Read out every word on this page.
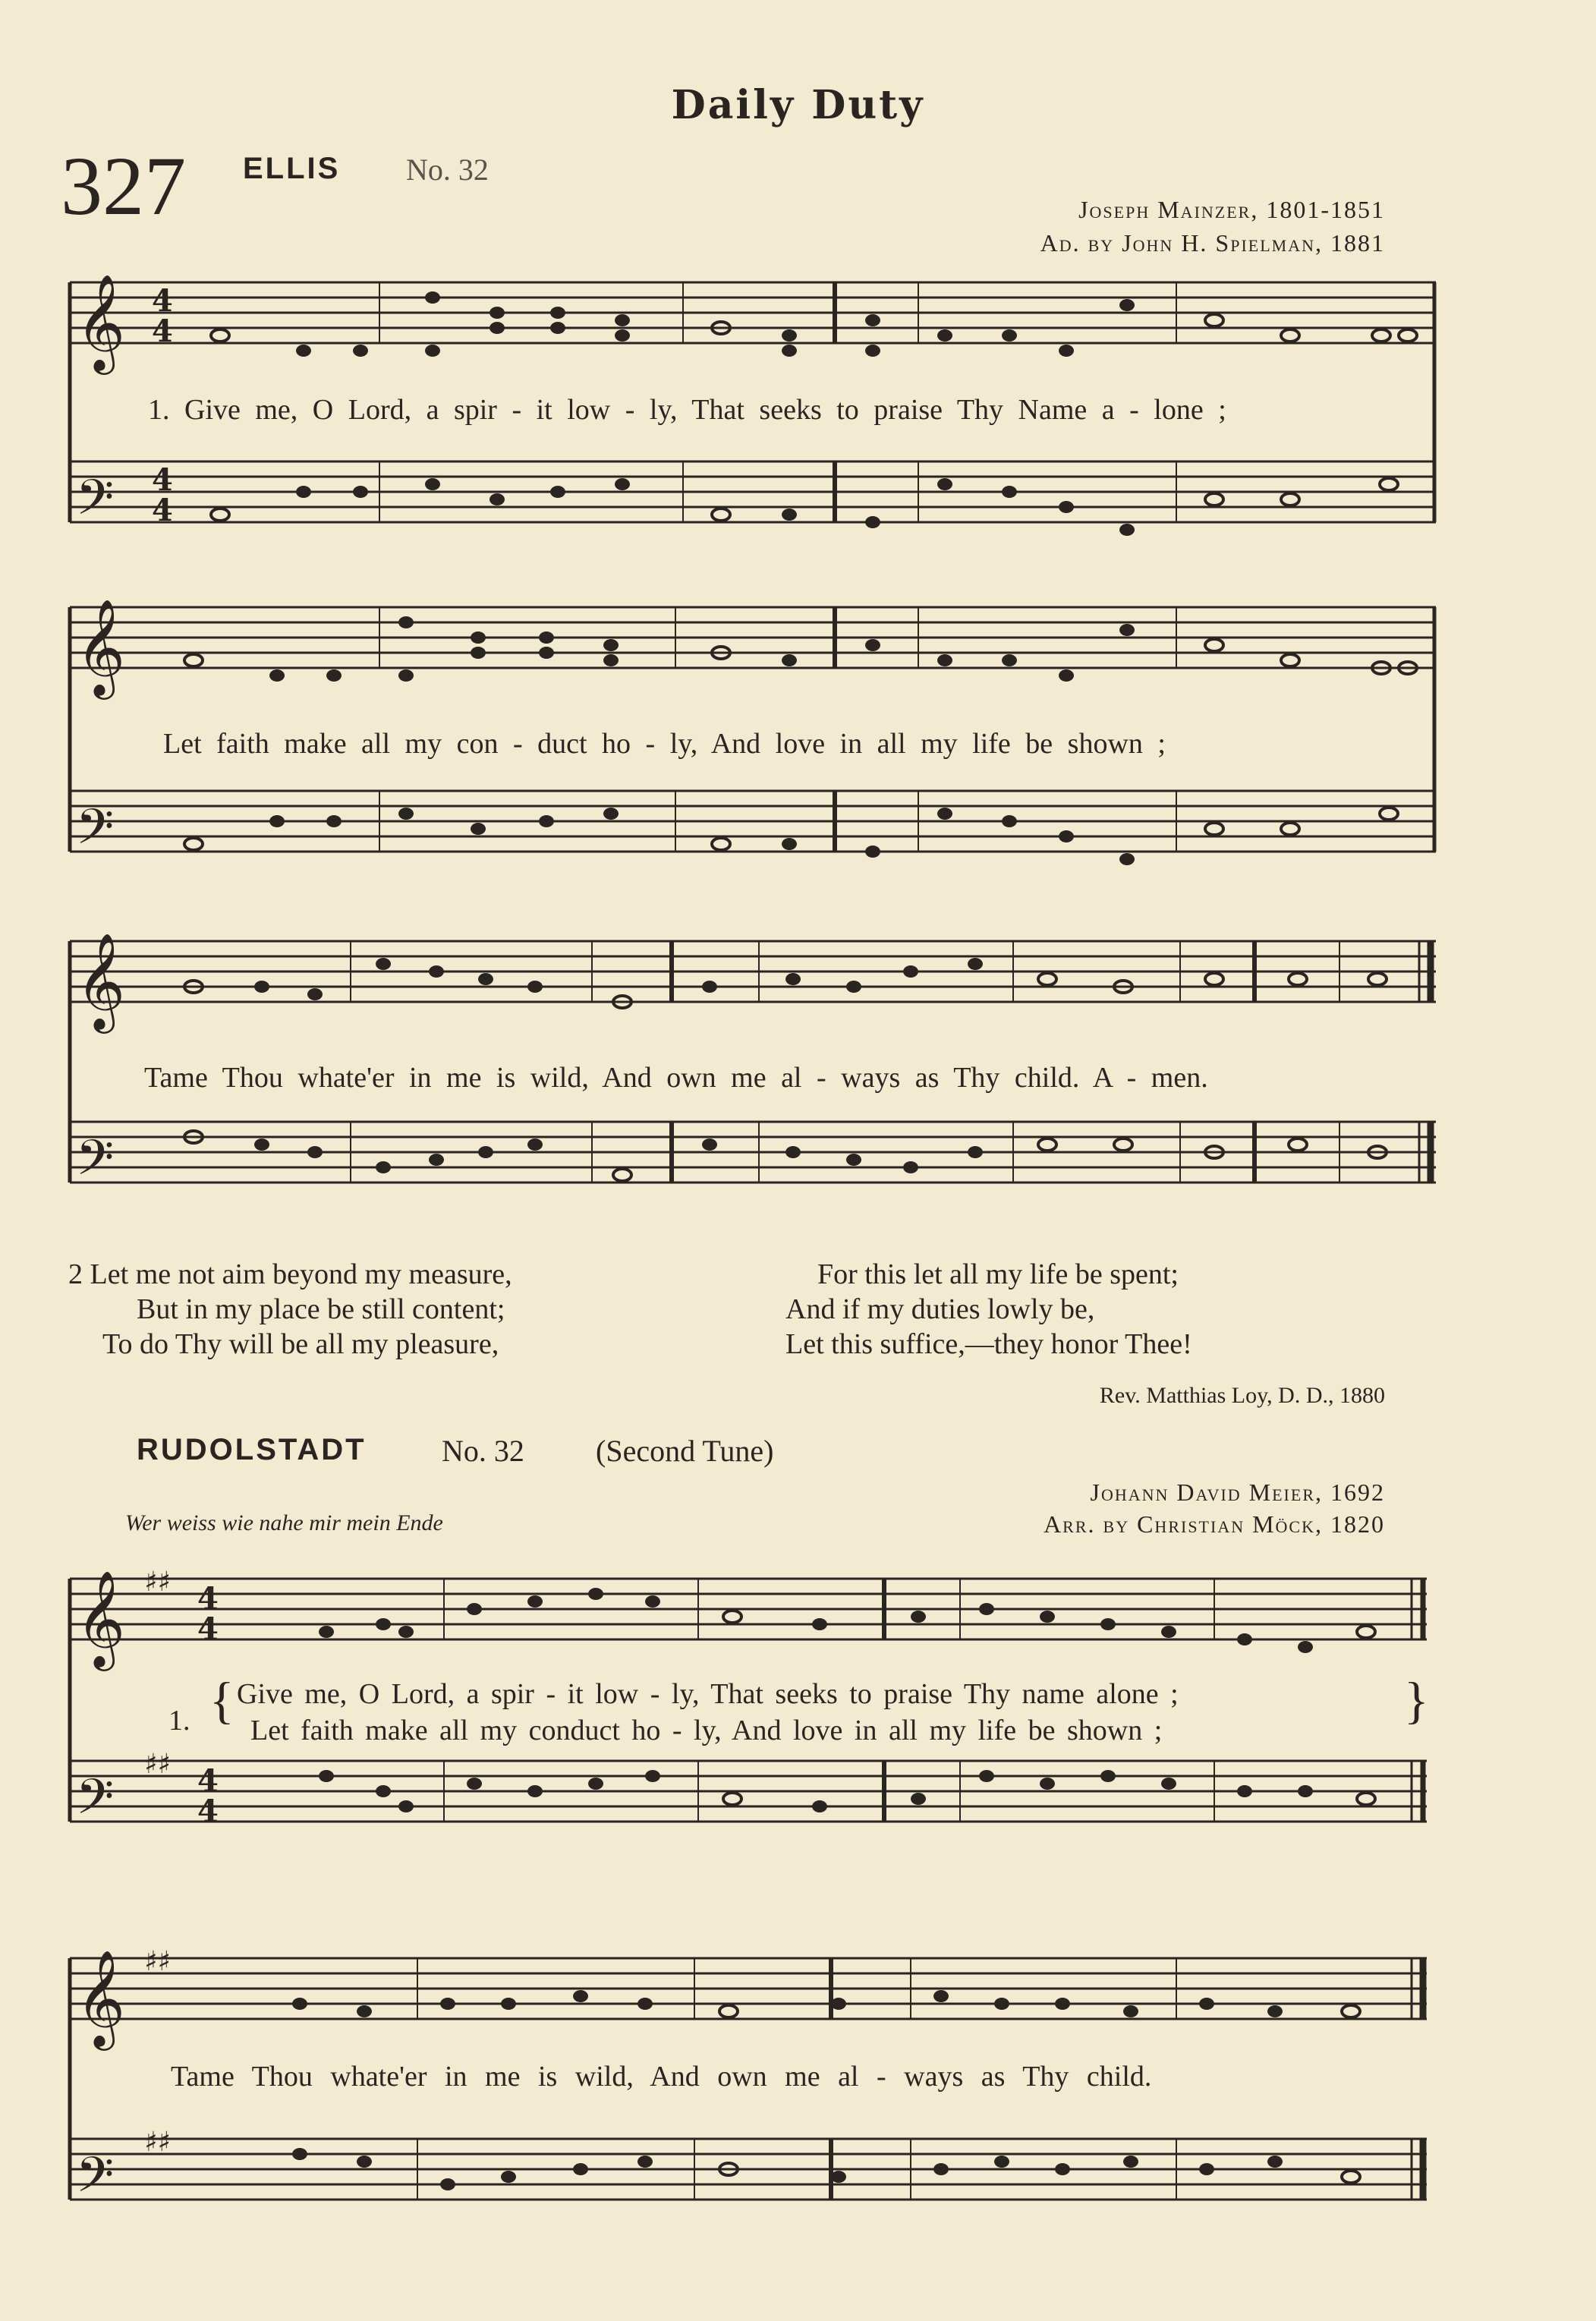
Daily Duty
327 ELLIS No. 32
Joseph Mainzer, 1801-1851
Ad. by John H. Spielman, 1881
𝄞
𝄢
𝄞
𝄢
𝄞
𝄢
𝄞
𝄢
𝄞
𝄢
4
4
4
4
♯♯ 4
4
♯♯ 4
4
♯♯
♯♯
1. Give me, O Lord, a spir - it low - ly, That seeks to praise Thy Name a - lone ;
Let faith make all my con - duct ho - ly, And love in all my life be shown ;
Tame Thou whate'er in me is wild, And own me al - ways as Thy child. A - men.
2 Let me not aim beyond my measure,
But in my place be still content;
To do Thy will be all my pleasure,
For this let all my life be spent;
And if my duties lowly be,
Let this suffice,—they honor Thee!
Rev. Matthias Loy, D. D., 1880
RUDOLSTADT No. 32 (Second Tune)
Johann David Meier, 1692
Wer weiss wie nahe mir mein Ende	Arr. by Christian Möck, 1820
1. { Give me, O Lord, a spir - it low - ly, That seeks to praise Thy name alone ;
Let faith make all my conduct ho - ly, And love in all my life be shown ;
}
Tame Thou whate'er in me is wild, And own me al - ways as Thy child.
